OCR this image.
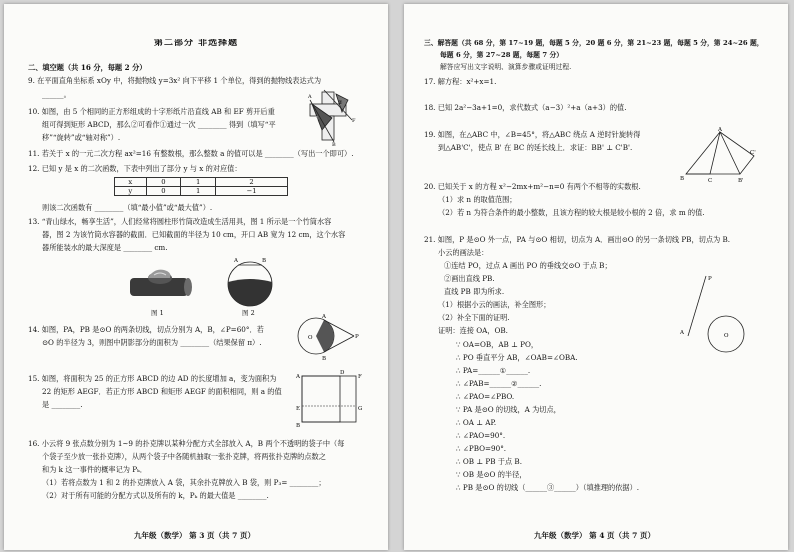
第二部分 非选择题
二、填空题（共 16 分，每题 2 分）
9. 在平面直角坐标系 xOy 中，将抛物线 y=3x² 向下平移 1 个单位，得到的抛物线表达式为
______。
10. 如图，由 5 个相同的正方形组成的十字形纸片沿直线 AB 和 EF 剪开后重
组可得到矩形 ABCD，那么②可看作①通过一次 ________ 得到（填写“平
移”“旋转”或“轴对称”）.
①
②
A
B
F
11. 若关于 x 的一元二次方程 ax²=16 有整数根，那么整数 a 的值可以是 ________（写出一个即可）.
12. 已知 y 是 x 的二次函数，下表中列出了部分 y 与 x 的对应值：
x	0	1	2
y	0	1	−1
则该二次函数有 ________（填“最小值”或“最大值”）.
13. “青山绿水，畅享生活”，人们经常将圆柱形竹筒改造成生活用具，图 1 所示是一个竹筒水容
器，图 2 为该竹筒水容器的截面．已知截面的半径为 10 cm，开口 AB 宽为 12 cm，这个水容
器所能装水的最大深度是 ________ cm.
图 1
A	B
图 2
14. 如图，PA，PB 是⊙O 的两条切线，切点分别为 A，B，∠P=60°．若
⊙O 的半径为 3，则图中阴影部分的面积为 ________（结果保留 π）.
A
B
P
O
15. 如图，将面积为 25 的正方形 ABCD 的边 AD 的长度增加 a，变为面积为
22 的矩形 AEGF．若正方形 ABCD 和矩形 AEGF 的面积相同，则 a 的值
是 ________.
A
E
B
D
F
G
16. 小云将 9 张点数分别为 1~9 的扑克牌以某种分配方式全部放入 A，B 两个不透明的袋子中（每
个袋子至少放一张扑克牌），从两个袋子中各随机抽取一张扑克牌，将两张扑克牌的点数之
和为 k 这一事件的概率记为 Pₖ．
（1）若将点数为 1 和 2 的扑克牌放入 A 袋，其余扑克牌放入 B 袋，则 P₃= ________；
（2）对于所有可能的分配方式以及所有的 k，Pₖ 的最大值是 ________.
九年级（数学） 第 3 页（共 7 页）
三、解答题（共 68 分，第 17~19 题，每题 5 分，20 题 6 分，第 21~23 题，每题 5 分，第 24~26 题，
每题 6 分，第 27~28 题，每题 7 分）
解答应写出文字说明、演算步骤或证明过程.
17. 解方程：x²+x=1.
18. 已知 2a²−3a+1=0，求代数式（a−3）²+a（a+3）的值.
19. 如图，在△ABC 中，∠B=45°，将△ABC 绕点 A 逆时针旋转得
到△AB'C'，使点 B' 在 BC 的延长线上．求证：BB' ⊥ C'B'.
A
B	C	B'
C'
20. 已知关于 x 的方程 x²−2mx+m²−n=0 有两个不相等的实数根.
（1）求 n 的取值范围；
（2）若 n 为符合条件的最小整数，且该方程的较大根是较小根的 2 倍，求 m 的值.
21. 如图，P 是⊙O 外一点，PA 与⊙O 相切，切点为 A．画出⊙O 的另一条切线 PB，切点为 B.
小云的画法是：
①连结 PO，过点 A 画出 PO 的垂线交⊙O 于点 B；
②画出直线 PB.
直线 PB 即为所求.
（1）根据小云的画法，补全图形；
（2）补全下面的证明.
证明：连接 OA，OB.
P
A	O
∵ OA=OB，AB ⊥ PO，
∴ PO 垂直平分 AB，∠OAB=∠OBA.
∴ PA=______①______.
∴ ∠PAB=______②______.
∴ ∠PAO=∠PBO.
∵ PA 是⊙O 的切线，A 为切点，
∴ OA ⊥ AP.
∴ ∠PAO=90°.
∴ ∠PBO=90°.
∴ OB ⊥ PB 于点 B.
∵ OB 是⊙O 的半径，
∴ PB 是⊙O 的切线（______③______）（填推理的依据）.
九年级（数学） 第 4 页（共 7 页）
